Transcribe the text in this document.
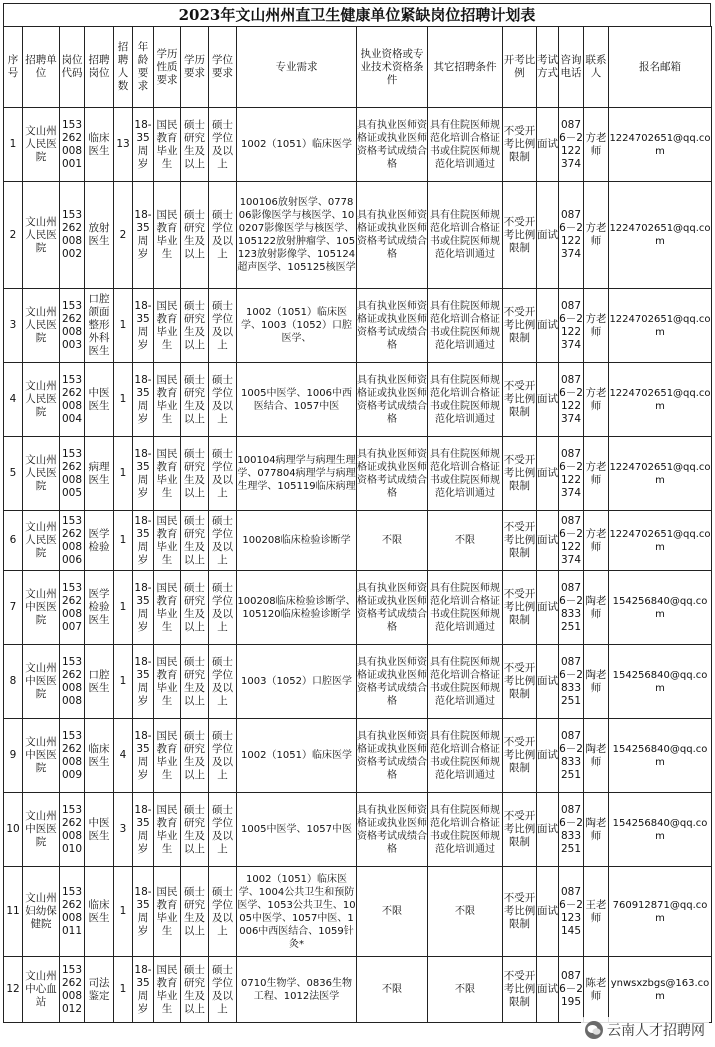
2023年文山州州直卫生健康单位紧缺岗位招聘计划表
序号	招聘单位	岗位代码	招聘岗位	招聘人数	年龄要求	学历性质要求	学历要求	学位要求	专业需求	执业资格或专业技术资格条件	其它招聘条件	开考比例	考试方式	咨询电话	联系人	报名邮箱
1	文山州人民医院	153262008001	临床医生	13	18-35周岁	国民教育毕业生	硕士研究生及以上	硕士学位及以上	1002（1051）临床医学	具有执业医师资格证或执业医师资格考试成绩合格	具有住院医师规范化培训合格证书或住院医师规范化培训通过	不受开考比例限制	面试	0876－2122374	方老师	1224702651@qq.com
2	文山州人民医院	153262008002	放射医生	2	18-35周岁	国民教育毕业生	硕士研究生及以上	硕士学位及以上	100106放射医学、077806影像医学与核医学、100207影像医学与核医学、105122放射肿瘤学、105123放射影像学、105124超声医学、105125核医学	具有执业医师资格证或执业医师资格考试成绩合格	具有住院医师规范化培训合格证书或住院医师规范化培训通过	不受开考比例限制	面试	0876－2122374	方老师	1224702651@qq.com
3	文山州人民医院	153262008003	口腔颌面整形外科医生	1	18-35周岁	国民教育毕业生	硕士研究生及以上	硕士学位及以上	1002（1051）临床医学、1003（1052）口腔医学、	具有执业医师资格证或执业医师资格考试成绩合格	具有住院医师规范化培训合格证书或住院医师规范化培训通过	不受开考比例限制	面试	0876－2122374	方老师	1224702651@qq.com
4	文山州人民医院	153262008004	中医医生	1	18-35周岁	国民教育毕业生	硕士研究生及以上	硕士学位及以上	1005中医学、1006中西医结合、1057中医	具有执业医师资格证或执业医师资格考试成绩合格	具有住院医师规范化培训合格证书或住院医师规范化培训通过	不受开考比例限制	面试	0876－2122374	方老师	1224702651@qq.com
5	文山州人民医院	153262008005	病理医生	1	18-35周岁	国民教育毕业生	硕士研究生及以上	硕士学位及以上	100104病理学与病理生理学、077804病理学与病理生理学、105119临床病理	具有执业医师资格证或执业医师资格考试成绩合格	具有住院医师规范化培训合格证书或住院医师规范化培训通过	不受开考比例限制	面试	0876－2122374	方老师	1224702651@qq.com
6	文山州人民医院	153262008006	医学检验	1	18-35周岁	国民教育毕业生	硕士研究生及以上	硕士学位及以上	100208临床检验诊断学	不限	不限	不受开考比例限制	面试	0876－2122374	方老师	1224702651@qq.com
7	文山州中医医院	153262008007	医学检验医生	1	18-35周岁	国民教育毕业生	硕士研究生及以上	硕士学位及以上	100208临床检验诊断学、105120临床检验诊断学	具有执业医师资格证或执业医师资格考试成绩合格	具有住院医师规范化培训合格证书或住院医师规范化培训通过	不受开考比例限制	面试	0876－2833251	陶老师	154256840@qq.com
8	文山州中医医院	153262008008	口腔医生	1	18-35周岁	国民教育毕业生	硕士研究生及以上	硕士学位及以上	1003（1052）口腔医学	具有执业医师资格证或执业医师资格考试成绩合格	具有住院医师规范化培训合格证书或住院医师规范化培训通过	不受开考比例限制	面试	0876－2833251	陶老师	154256840@qq.com
9	文山州中医医院	153262008009	临床医生	4	18-35周岁	国民教育毕业生	硕士研究生及以上	硕士学位及以上	1002（1051）临床医学	具有执业医师资格证或执业医师资格考试成绩合格	具有住院医师规范化培训合格证书或住院医师规范化培训通过	不受开考比例限制	面试	0876－2833251	陶老师	154256840@qq.com
10	文山州中医医院	153262008010	中医医生	3	18-35周岁	国民教育毕业生	硕士研究生及以上	硕士学位及以上	1005中医学、1057中医	具有执业医师资格证或执业医师资格考试成绩合格	具有住院医师规范化培训合格证书或住院医师规范化培训通过	不受开考比例限制	面试	0876－2833251	陶老师	154256840@qq.com
11	文山州妇幼保健院	153262008011	临床医生	1	18-35周岁	国民教育毕业生	硕士研究生及以上	硕士学位及以上	1002（1051）临床医学、1004公共卫生和预防医学、1053公共卫生、1005中医学、1057中医、1006中西医结合、1059针灸*	不限	不限	不受开考比例限制	面试	0876－2123145	王老师	760912871@qq.com
12	文山州中心血站	153262008012	司法鉴定	1	18-35周岁	国民教育毕业生	硕士研究生及以上	硕士学位及以上	0710生物学、0836生物工程、1012法医学	不限	不限	不受开考比例限制	面试	0876－2195	陈老师	ynwsxzbgs@163.com
云南人才招聘网
